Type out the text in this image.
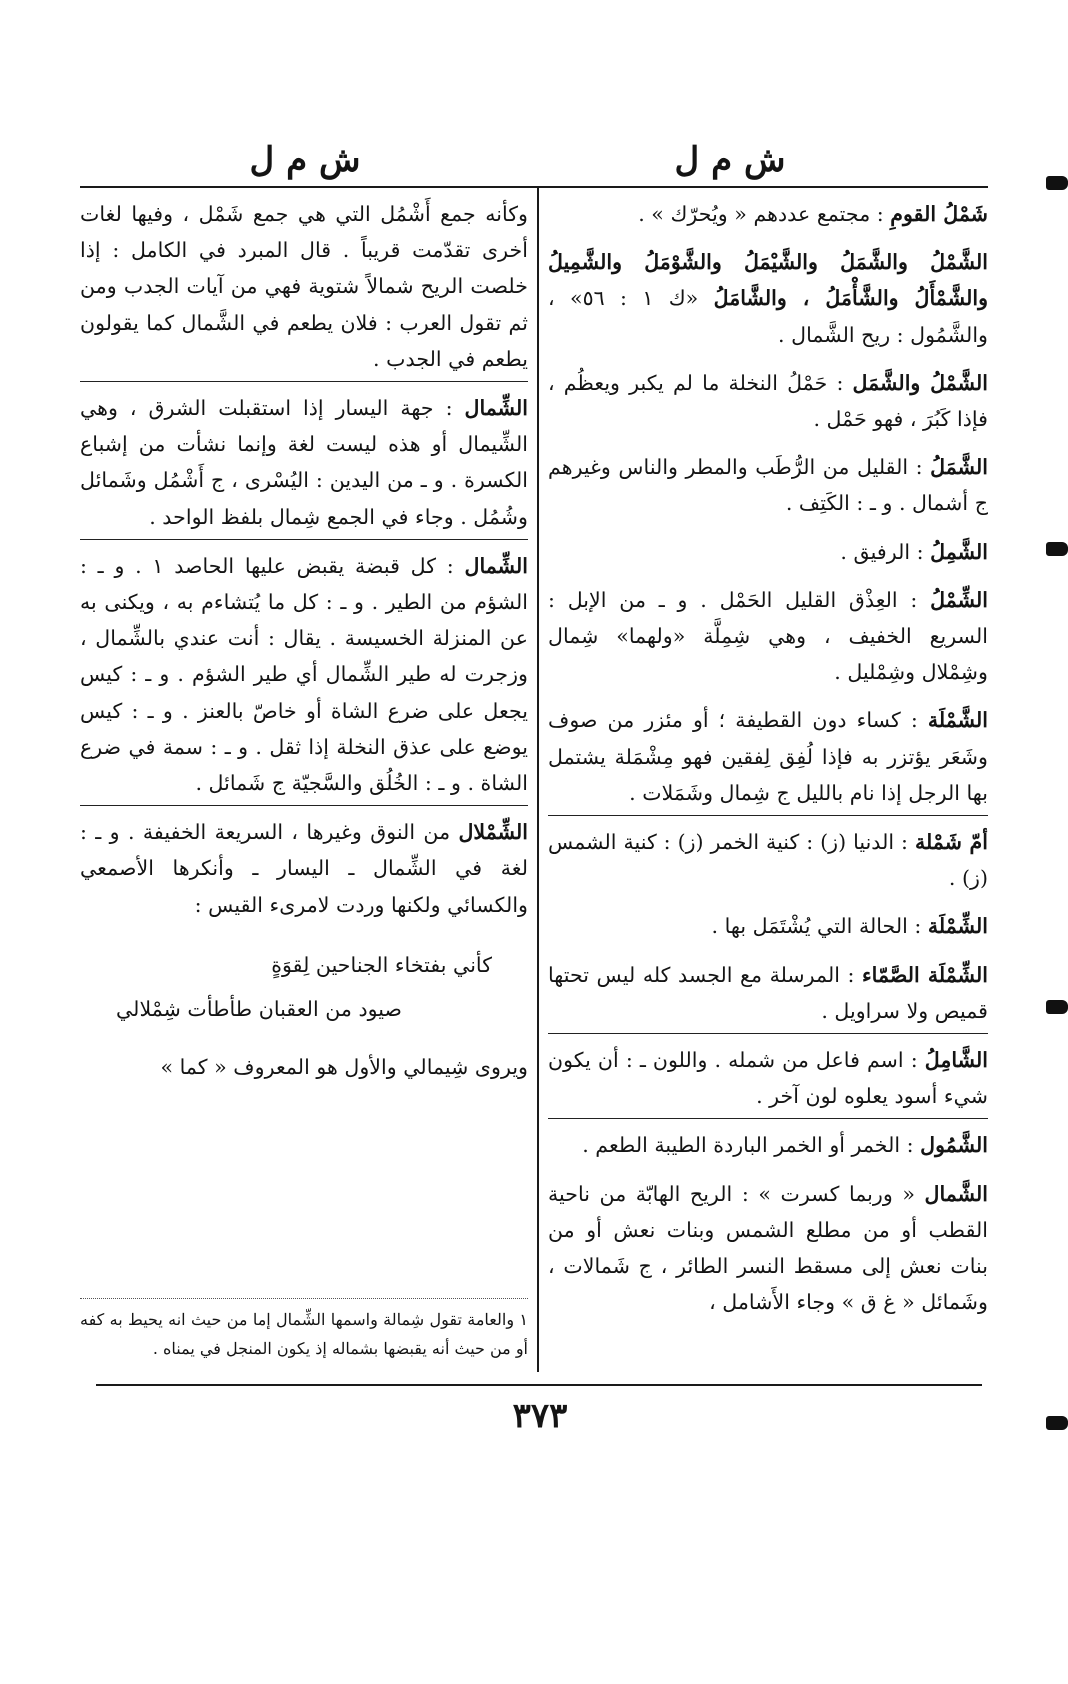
ش م ل
ش م ل
شَمْلُ القومِ : مجتمع عددهم « ويُحرّك » .
الشَّمْلُ والشَّمَلُ والشَّيْمَلُ والشَّوْمَلُ والشَّمِيلُ والشَّمْأَلُ والشَّأْمَلُ ، والشَّامَلُ «ك ١ : ٥٦» ، والشَّمُول : ريح الشَّمال .
الشَّمْلُ والشَّمَل : حَمْلُ النخلة ما لم يكبر ويعظُم ، فإذا كَبُرَ ، فهو حَمْل .
الشَّمَلُ : القليل من الرُّطَب والمطر والناس وغيرهم ج أشمال . و ـ : الكَتِف .
الشَّمِلُ : الرفيق .
الشِّمْلُ : العِذْق القليل الحَمْل . و ـ من الإبل : السريع الخفيف ، وهي شِمِلَّة «ولهما» شِمال وشِمْلال وشِمْليل .
الشَّمْلَة : كساء دون القطيفة ؛ أو مئزر من صوف وشَعَر يؤتزر به فإذا لُفِق لِفقين فهو مِشْمَلة يشتمل بها الرجل إذا نام بالليل ج شِمال وشَمَلات .
أمّ شَمْلة : الدنيا (ز) : كنية الخمر (ز) : كنية الشمس (ز) .
الشِّمْلَة : الحالة التي يُشْتَمَل بها .
الشِّمْلَة الصَّمّاء : المرسلة مع الجسد كله ليس تحتها قميص ولا سراويل .
الشَّامِلُ : اسم فاعل من شمله . واللون ـ : أن يكون شيء أسود يعلوه لون آخر .
الشَّمُول : الخمر أو الخمر الباردة الطيبة الطعم .
الشَّمال « وربما كسرت » : الريح الهابّة من ناحية القطب أو من مطلع الشمس وبنات نعش أو من بنات نعش إلى مسقط النسر الطائر ، ج شَمالات ، وشَمائل « غ ق » وجاء الأَشامل ،
وكأنه جمع أَشْمُل التي هي جمع شَمْل ، وفيها لغات أخرى تقدّمت قريباً . قال المبرد في الكامل : إذا خلصت الريح شمالاً شتوية فهي من آيات الجدب ومن ثم تقول العرب : فلان يطعم في الشَّمال كما يقولون يطعم في الجدب .
الشِّمال : جهة اليسار إذا استقبلت الشرق ، وهي الشِّيمال أو هذه ليست لغة وإنما نشأت من إشباع الكسرة . و ـ من اليدين : اليُسْرى ، ج أَشْمُل وشَمائل وشُمُل . وجاء في الجمع شِمال بلفظ الواحد .
الشِّمال : كل قبضة يقبض عليها الحاصد ١ . و ـ : الشؤم من الطير . و ـ : كل ما يُتشاءم به ، ويكنى به عن المنزلة الخسيسة . يقال : أنت عندي بالشِّمال ، وزجرت له طير الشِّمال أي طير الشؤم . و ـ : كيس يجعل على ضرع الشاة أو خاصّ بالعنز . و ـ : كيس يوضع على عذق النخلة إذا ثقل . و ـ : سمة في ضرع الشاة . و ـ : الخُلُق والسَّجيّة ج شَمائل .
الشِّمْلال من النوق وغيرها ، السريعة الخفيفة . و ـ : لغة في الشِّمال ـ اليسار ـ وأنكرها الأصمعي والكسائي ولكنها وردت لامرىء القيس :
كأني بفتخاء الجناحين لِقوَةٍ
صيود من العقبان طأطأت شِمْلالي
ويروى شِيمالي والأول هو المعروف « كما »
١ والعامة تقول شِمالة واسمها الشِّمال إما من حيث انه يحيط به كفه أو من حيث أنه يقبضها بشماله إذ يكون المنجل في يمناه .
٣٧٣
